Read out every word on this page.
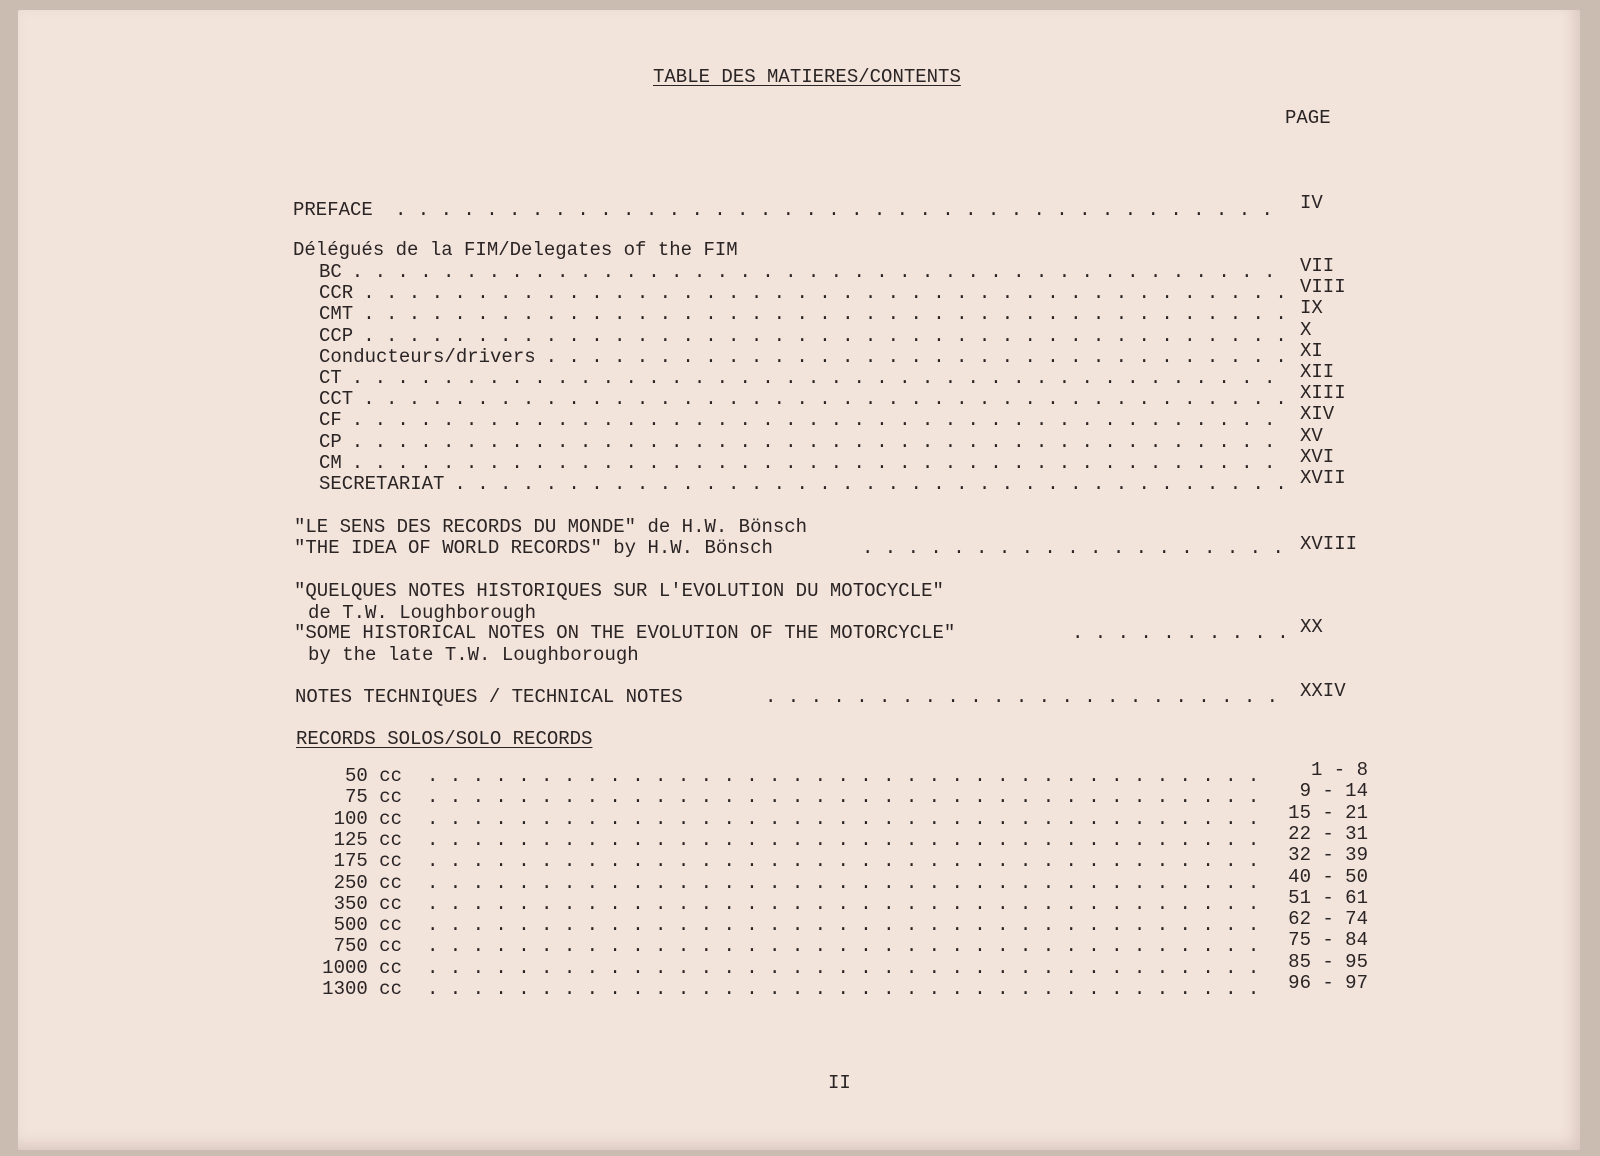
TABLE DES MATIERES/CONTENTS
PAGE
PREFACE . . .	IV
Délégués de la FIM/Delegates of the FIM
BC . . .	VII
CCR . . .	VIII
CMT . . .	IX
CCP . . .	X
Conducteurs/drivers . . .	XI
CT . . .	XII
CCT . . .	XIII
CF . . .	XIV
CP . . .	XV
CM . . .	XVI
SECRETARIAT . . .	XVII
"LE SENS DES RECORDS DU MONDE" de H.W. Bönsch
"THE IDEA OF WORLD RECORDS" by H.W. Bönsch . . .	XVIII
"QUELQUES NOTES HISTORIQUES SUR L'EVOLUTION DU MOTOCYCLE"
de T.W. Loughborough
"SOME HISTORICAL NOTES ON THE EVOLUTION OF THE MOTORCYCLE" . . .	XX
by the late T.W. Loughborough
NOTES TECHNIQUES / TECHNICAL NOTES . . .	XXIV
RECORDS SOLOS/SOLO RECORDS
50 cc . . .	1 - 8
75 cc . . .	9 - 14
100 cc . . .	15 - 21
125 cc . . .	22 - 31
175 cc . . .	32 - 39
250 cc . . .	40 - 50
350 cc . . .	51 - 61
500 cc . . .	62 - 74
750 cc . . .	75 - 84
1000 cc . . .	85 - 95
1300 cc . . .	96 - 97
II
